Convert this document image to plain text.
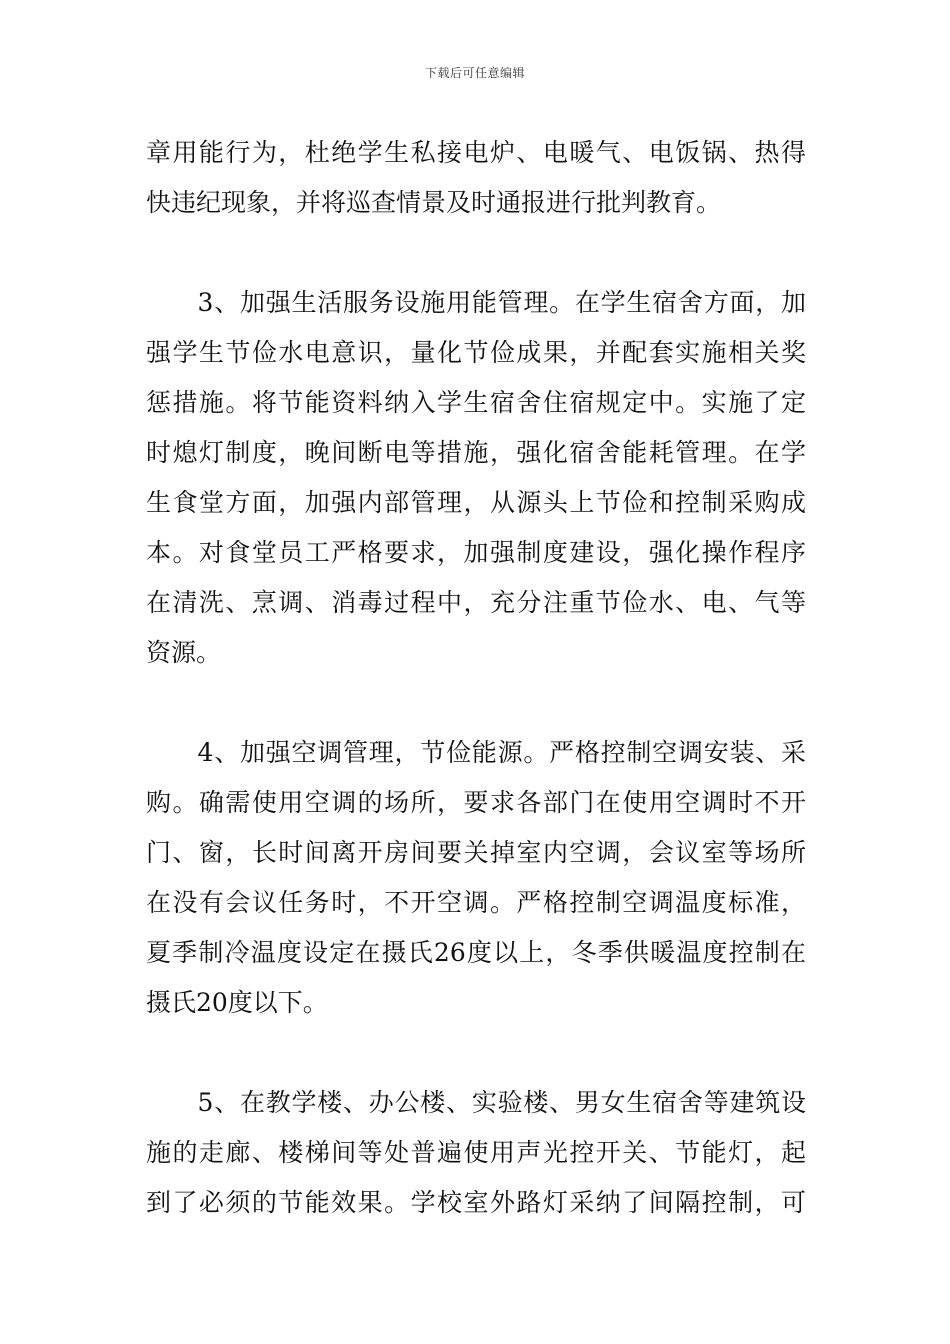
下载后可任意编辑
章用能行为，杜绝学生私接电炉、电暖气、电饭锅、热得
快违纪现象，并将巡查情景及时通报进行批判教育。
　　3、加强生活服务设施用能管理。在学生宿舍方面，加
强学生节俭水电意识，量化节俭成果，并配套实施相关奖
惩措施。将节能资料纳入学生宿舍住宿规定中。实施了定
时熄灯制度，晚间断电等措施，强化宿舍能耗管理。在学
生食堂方面，加强内部管理，从源头上节俭和控制采购成
本。对食堂员工严格要求，加强制度建设，强化操作程序
在清洗、烹调、消毒过程中，充分注重节俭水、电、气等
资源。
　　4、加强空调管理，节俭能源。严格控制空调安装、采
购。确需使用空调的场所，要求各部门在使用空调时不开
门、窗，长时间离开房间要关掉室内空调，会议室等场所
在没有会议任务时，不开空调。严格控制空调温度标准，
夏季制冷温度设定在摄氏26度以上，冬季供暖温度控制在
摄氏20度以下。
　　5、在教学楼、办公楼、实验楼、男女生宿舍等建筑设
施的走廊、楼梯间等处普遍使用声光控开关、节能灯，起
到了必须的节能效果。学校室外路灯采纳了间隔控制，可
